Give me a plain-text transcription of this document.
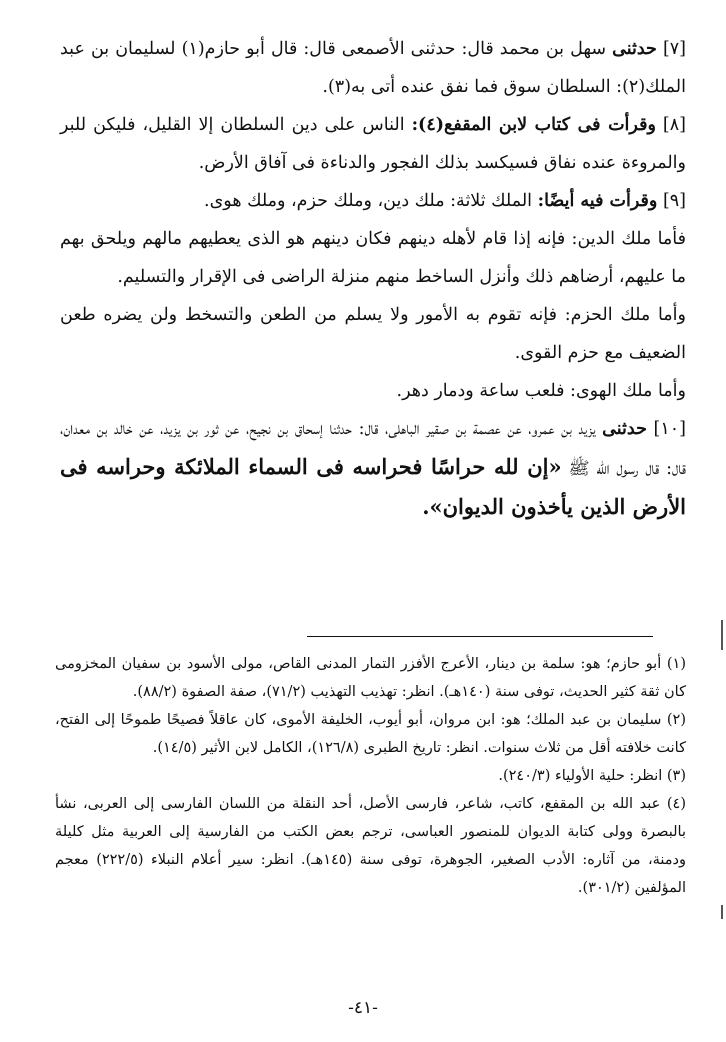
[٧] حدثنى سهل بن محمد قال: حدثنى الأصمعى قال: قال أبو حازم(١) لسليمان بن عبد الملك(٢): السلطان سوق فما نفق عنده أتى به(٣).

[٨] وقرأت فى كتاب لابن المقفع(٤): الناس على دين السلطان إلا القليل، فليكن للبر والمروءة عنده نفاق فسيكسد بذلك الفجور والدناءة فى آفاق الأرض.

[٩] وقرأت فيه أيضًا: الملك ثلاثة: ملك دين، وملك حزم، وملك هوى.

فأما ملك الدين: فإنه إذا قام لأهله دينهم فكان دينهم هو الذى يعطيهم مالهم ويلحق بهم ما عليهم، أرضاهم ذلك وأنزل الساخط منهم منزلة الراضى فى الإقرار والتسليم.

وأما ملك الحزم: فإنه تقوم به الأمور ولا يسلم من الطعن والتسخط ولن يضره طعن الضعيف مع حزم القوى.

وأما ملك الهوى: فلعب ساعة ودمار دهر.

[١٠] حدثنى يزيد بن عمرو، عن عصمة بن صقير الباهلى، قال: حدثنا إسحاق بن نجيح، عن ثور بن يزيد، عن خالد بن معدان، قال: قال رسول الله ﷺ «إن لله حراسًا فحراسه فى السماء الملائكة وحراسه فى الأرض الذين يأخذون الديوان».

(١) أبو حازم؛ هو: سلمة بن دينار، الأعرج الأفزر التمار المدنى القاص، مولى الأسود بن سفيان المخزومى كان ثقة كثير الحديث، توفى سنة (١٤٠هـ). انظر: تهذيب التهذيب (٧١/٢)، صفة الصفوة (٨٨/٢).

(٢) سليمان بن عبد الملك؛ هو: ابن مروان، أبو أيوب، الخليفة الأموى، كان عاقلاً فصيحًا طموحًا إلى الفتح، كانت خلافته أقل من ثلاث سنوات. انظر: تاريخ الطبرى (١٢٦/٨)، الكامل لابن الأثير (١٤/٥).

(٣) انظر: حلية الأولياء (٢٤٠/٣).

(٤) عبد الله بن المقفع، كاتب، شاعر، فارسى الأصل، أحد النقلة من اللسان الفارسى إلى العربى، نشأ بالبصرة وولى كتابة الديوان للمنصور العباسى، ترجم بعض الكتب من الفارسية إلى العربية مثل كليلة ودمنة، من آثاره: الأدب الصغير، الجوهرة، توفى سنة (١٤٥هـ). انظر: سير أعلام النبلاء (٢٢٢/٥) معجم المؤلفين (٣٠١/٢).

-٤١-
